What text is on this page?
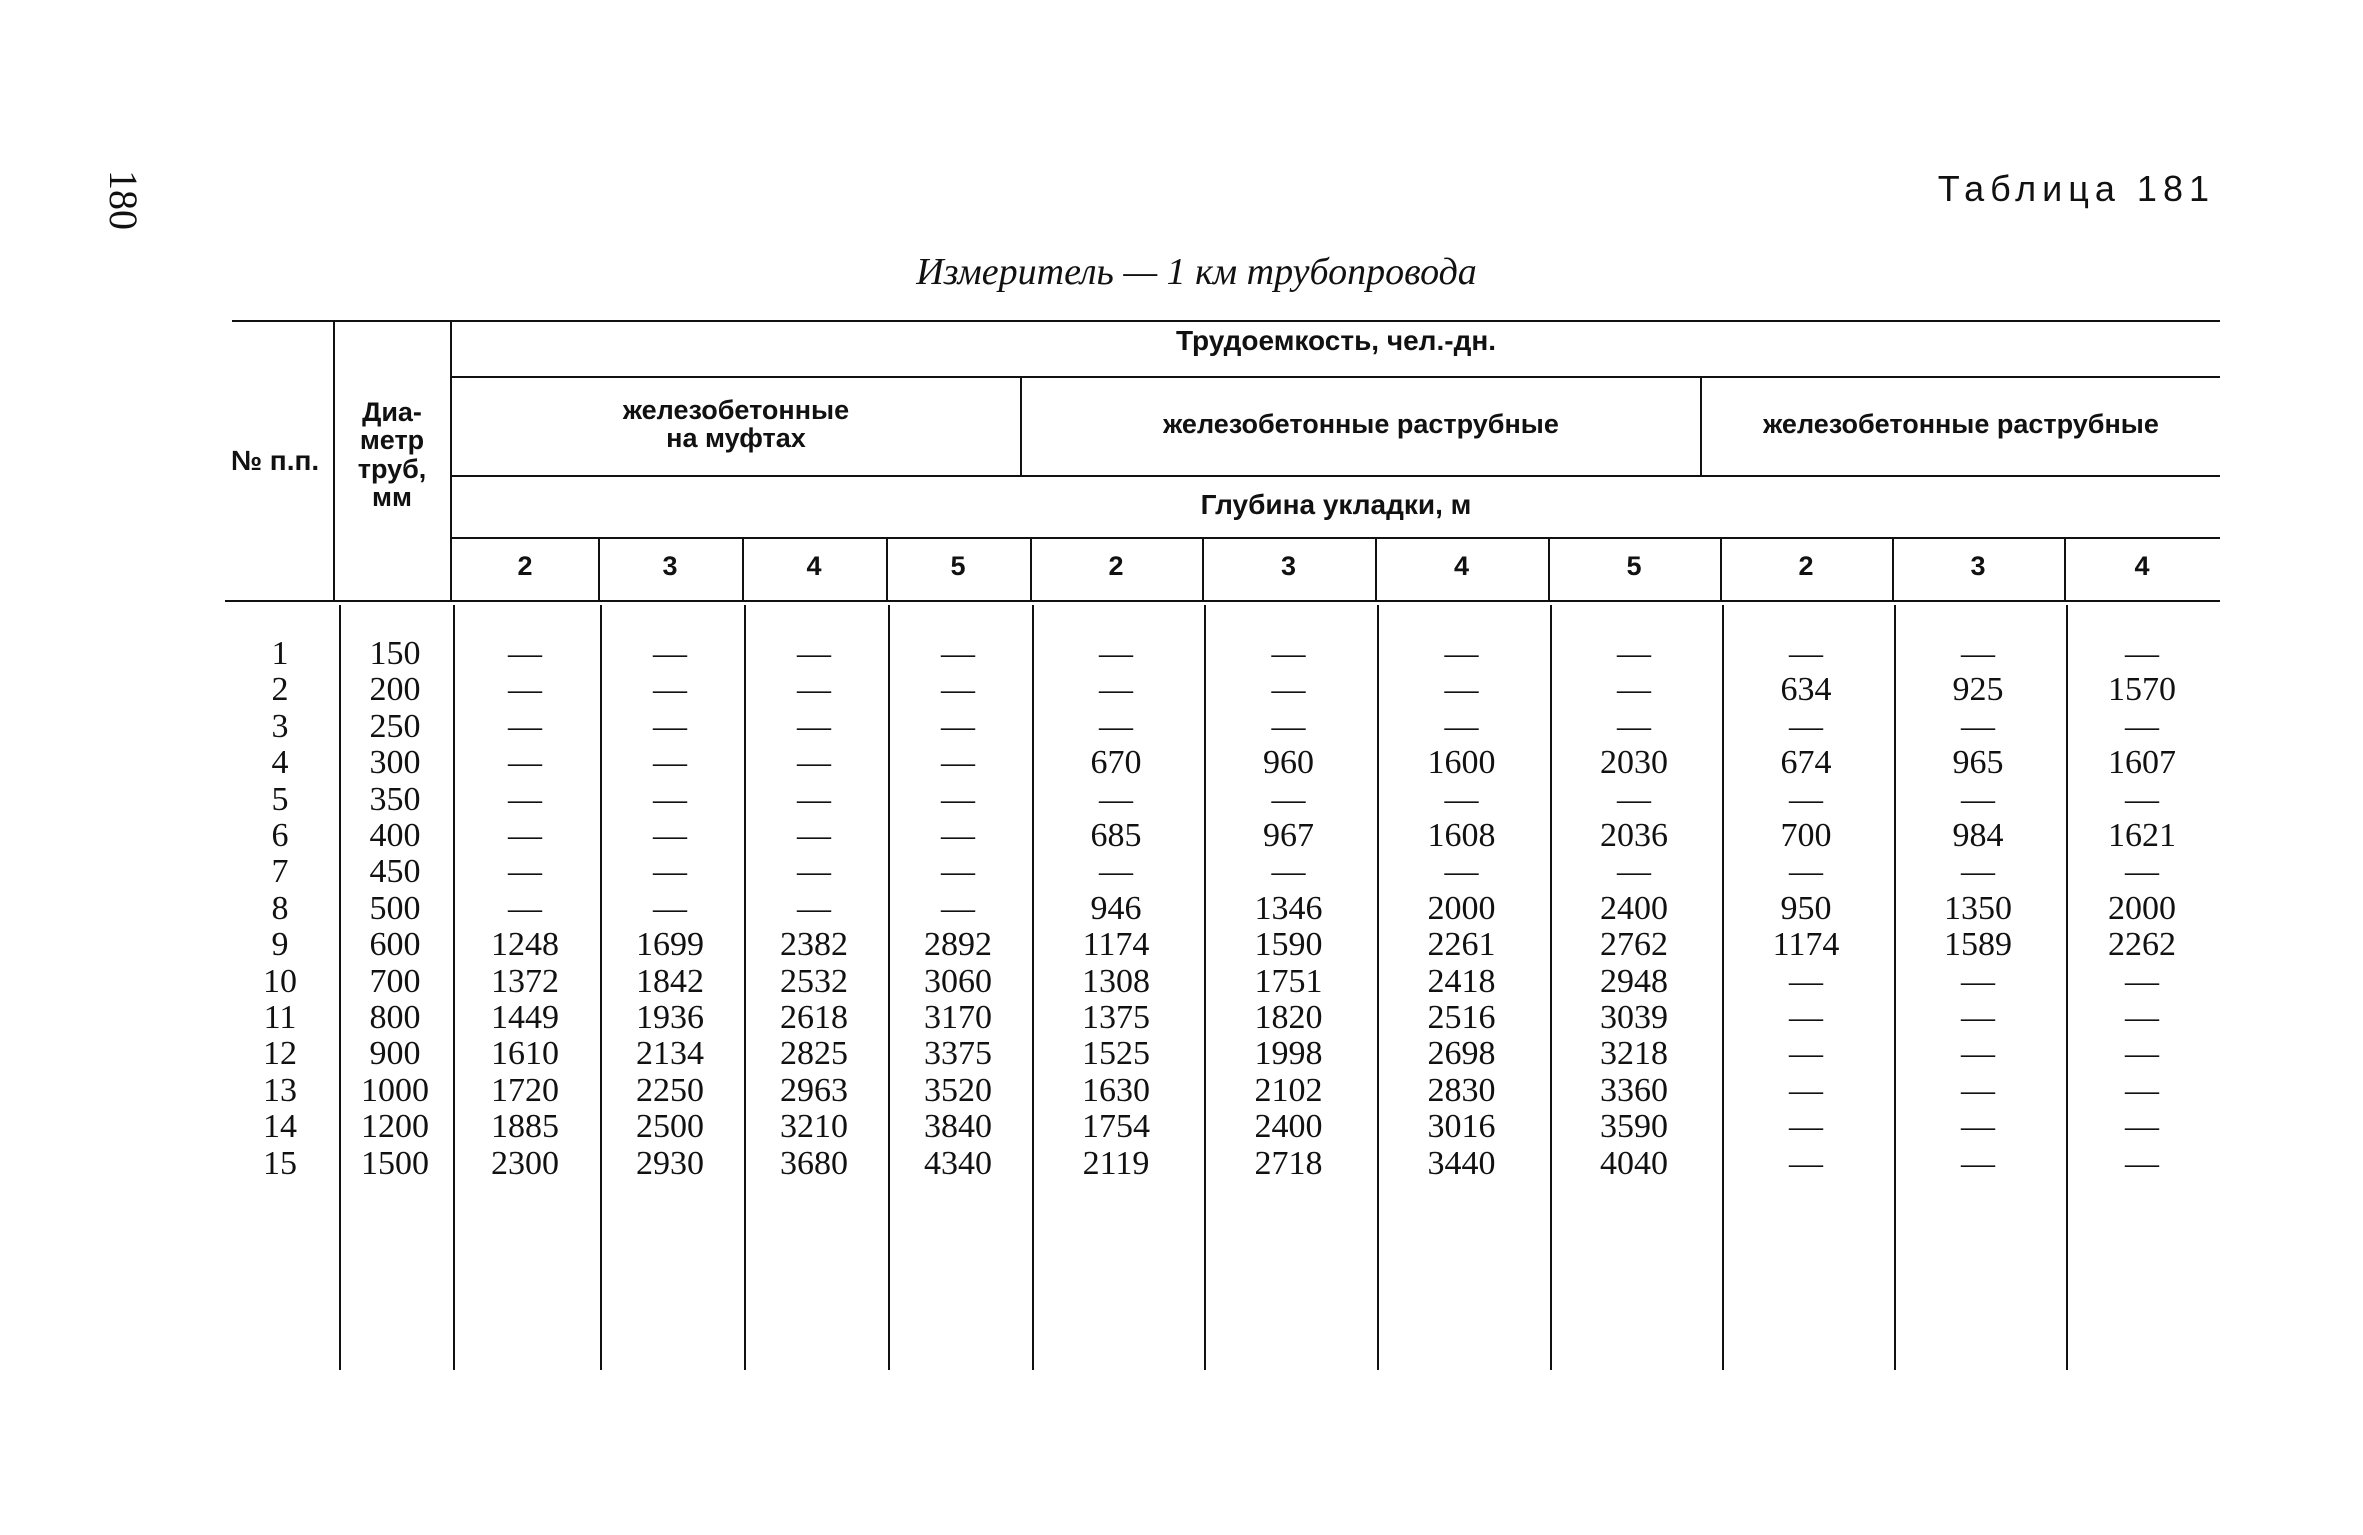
180	Таблица 181
Измеритель — 1 км трубопровода
№ п.п.
Диа-
метр
труб,
мм
Трудоемкость, чел.-дн.
железобетонные
на муфтах	железобетонные раструбные	железобетонные раструбные
Глубина укладки, м
2	3	4	5	2	3	4	5	2	3	4
1	150	—	—	—	—	—	—	—	—	—	—	—
2	200	—	—	—	—	—	—	—	—	634	925	1570
3	250	—	—	—	—	—	—	—	—	—	—	—
4	300	—	—	—	—	670	960	1600	2030	674	965	1607
5	350	—	—	—	—	—	—	—	—	—	—	—
6	400	—	—	—	—	685	967	1608	2036	700	984	1621
7	450	—	—	—	—	—	—	—	—	—	—	—
8	500	—	—	—	—	946	1346	2000	2400	950	1350	2000
9	600	1248	1699	2382	2892	1174	1590	2261	2762	1174	1589	2262
10	700	1372	1842	2532	3060	1308	1751	2418	2948	—	—	—
11	800	1449	1936	2618	3170	1375	1820	2516	3039	—	—	—
12	900	1610	2134	2825	3375	1525	1998	2698	3218	—	—	—
13	1000	1720	2250	2963	3520	1630	2102	2830	3360	—	—	—
14	1200	1885	2500	3210	3840	1754	2400	3016	3590	—	—	—
15	1500	2300	2930	3680	4340	2119	2718	3440	4040	—	—	—
